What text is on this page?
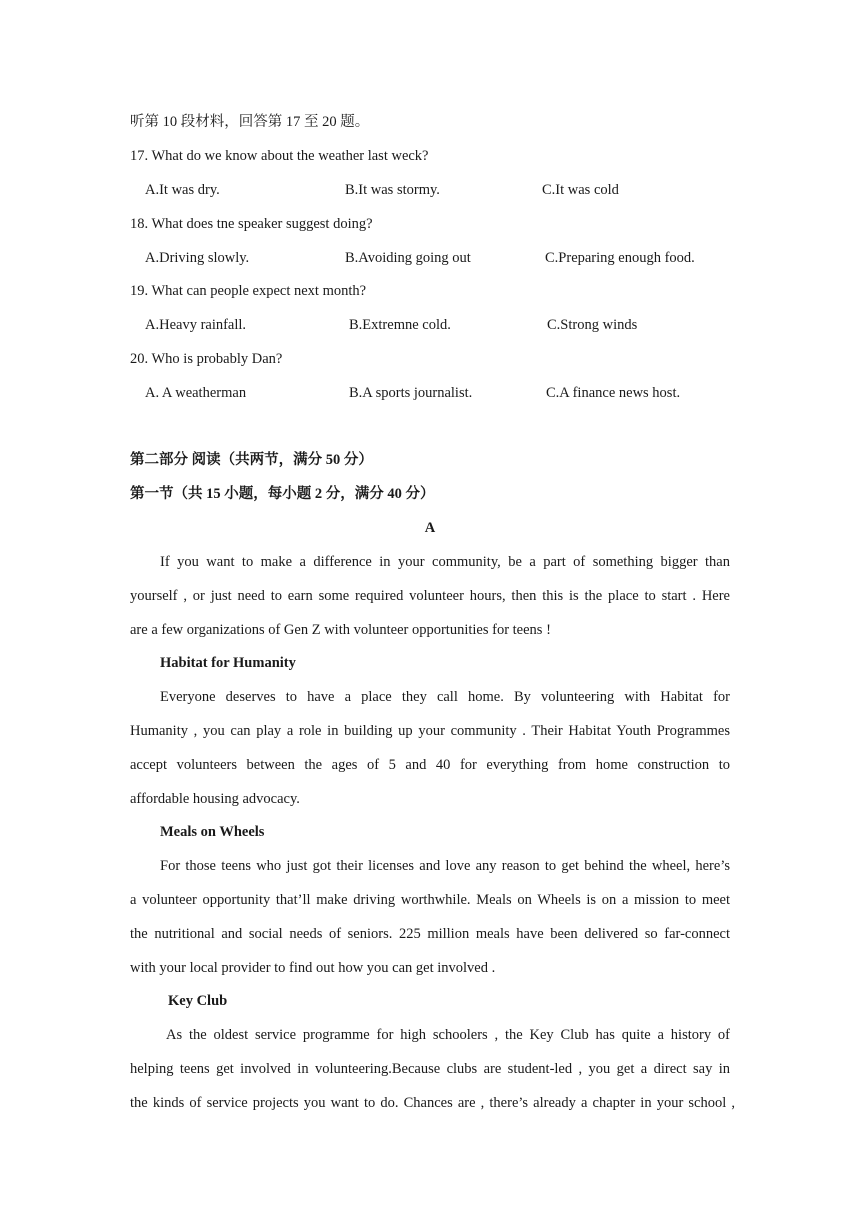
听第 10 段材料，回答第 17 至 20 题。
17. What do we know about the weather last weck?
A.It was dry.	B.It was stormy.	C.It was cold
18. What does tne speaker suggest doing?
A.Driving slowly.	B.Avoiding going out	C.Preparing enough food.
19. What can people expect next month?
A.Heavy rainfall.	B.Extremne cold.	C.Strong winds
20. Who is probably Dan?
A. A weatherman	B.A sports journalist.	C.A finance news host.
第二部分 阅读（共两节，满分 50 分）
第一节（共 15 小题，每小题 2 分，满分 40 分）
A
If you want to make a difference in your community, be a part of something bigger than
yourself , or just need to earn some required volunteer hours, then this is the place to start . Here
are a few organizations of Gen Z with volunteer opportunities for teens !
Habitat for Humanity
Everyone deserves to have a place they call home. By volunteering with Habitat for
Humanity , you can play a role in building up your community . Their Habitat Youth Programmes
accept volunteers between the ages of 5 and 40 for everything from home construction to
affordable housing advocacy.
Meals on Wheels
For those teens who just got their licenses and love any reason to get behind the wheel, here’s
a volunteer opportunity that’ll make driving worthwhile. Meals on Wheels is on a mission to meet
the nutritional and social needs of seniors. 225 million meals have been delivered so far-connect
with your local provider to find out how you can get involved .
Key Club
As the oldest service programme for high schoolers , the Key Club has quite a history of
helping teens get involved in volunteering.Because clubs are student-led , you get a direct say in
the kinds of service projects you want to do. Chances are , there’s already a chapter in your school ,
